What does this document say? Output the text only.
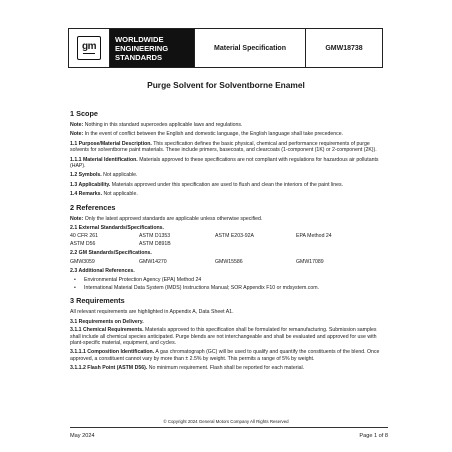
gm
WORLDWIDE
ENGINEERING
STANDARDS
Material Specification	GMW18738
Purge Solvent for Solventborne Enamel
1 Scope

Note: Nothing in this standard supercedes applicable laws and regulations.

Note: In the event of conflict between the English and domestic language, the English language shall take precedence.

1.1 Purpose/Material Description. This specification defines the basic physical, chemical and performance requirements of purge solvents for solventborne paint materials. These include primers, basecoats, and clearcoats (1-component (1K) or 2-component (2K)).

1.1.1 Material Identification. Materials approved to these specifications are not compliant with regulations for hazardous air pollutants (HAP).

1.2 Symbols. Not applicable.

1.3 Applicability. Materials approved under this specification are used to flush and clean the interiors of the paint lines.

1.4 Remarks. Not applicable.

2 References

Note: Only the latest approved standards are applicable unless otherwise specified.

2.1 External Standards/Specifications.
40 CFR 261	ASTM D1353	ASTM E203-92A	EPA Method 24
ASTM D56	ASTM D891B
2.2 GM Standards/Specifications.
GMW3059	GMW14270	GMW15586	GMW17089
2.3 Additional References.
•	Environmental Protection Agency (EPA) Method 24
•	International Material Data System (IMDS) Instructions Manual; SOR Appendix F10 or mdsystem.com.
3 Requirements

All relevant requirements are highlighted in Appendix A, Data Sheet A1.

3.1 Requirements on Delivery.

3.1.1 Chemical Requirements. Materials approved to this specification shall be formulated for remanufacturing. Submission samples shall include all chemical species anticipated. Purge blends are not interchangeable and shall be evaluated and approved for use with plant-specific material, equipment, and cycles.

3.1.1.1 Composition Identification. A gas chromatograph (GC) will be used to qualify and quantify the constituents of the blend. Once approved, a constituent cannot vary by more than ± 2.5% by weight. This permits a range of 5% by weight.

3.1.1.2 Flash Point (ASTM D56). No minimum requirement. Flash shall be reported for each material.

© Copyright 2024 General Motors Company All Rights Reserved
May 2024	Page 1 of 8
